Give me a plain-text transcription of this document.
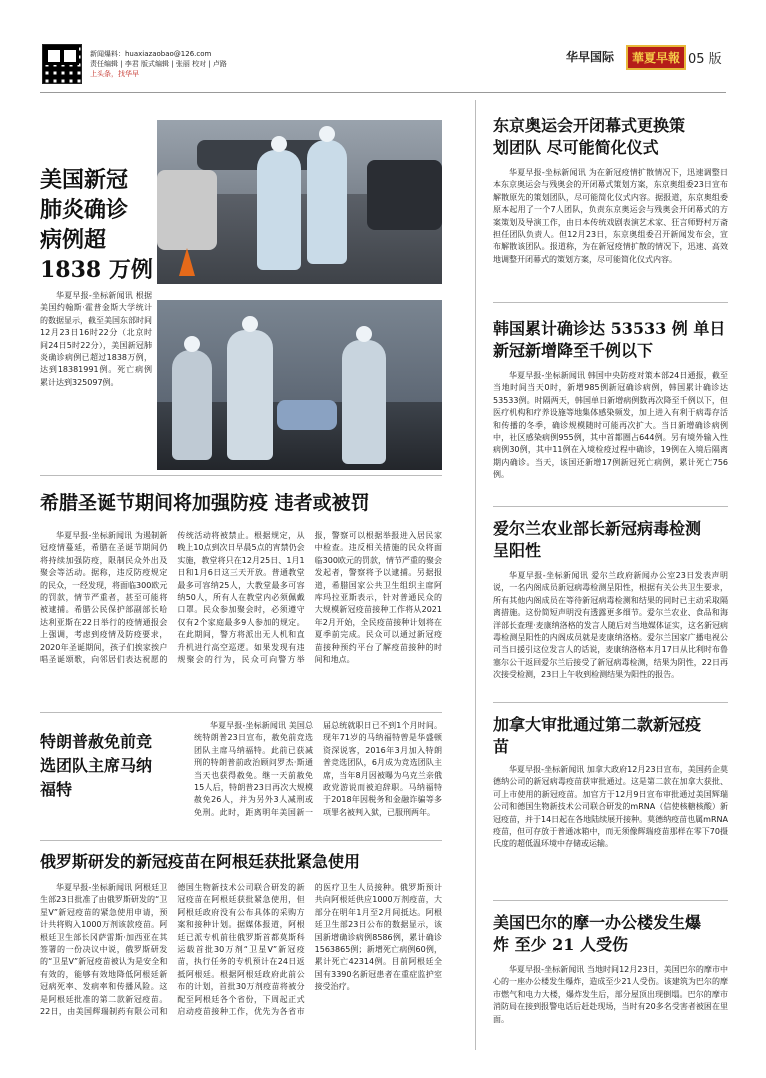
新闻爆料：huaxiazaobao@126.com
责任编辑 | 李君 版式编辑 | 张丽 校对 | 卢路
上头条，找华早
华早国际	華夏早報 05 版
美国新冠
肺炎确诊
病例超
1838 万例
华夏早报-坐标新闻讯 根据美国约翰斯·霍普金斯大学统计的数据显示，截至美国东部时间12月23日16时22分（北京时间24日5时22分），美国新冠肺炎确诊病例已超过1838万例，达到18381991例。死亡病例累计达到325097例。
希腊圣诞节期间将加强防疫 违者或被罚
华夏早报-坐标新闻讯 为遏制新冠疫情蔓延，希腊在圣诞节期间仍将持续加强防疫，限制民众外出及聚会等活动。据称，违反防疫规定的民众，一经发现，将面临300欧元的罚款，情节严重者，甚至可能将被逮捕。希腊公民保护部副部长哈达利亚斯在22日举行的疫情通报会上强调，考虑到疫情及防疫要求，2020年圣诞期间，孩子们挨家挨户唱圣诞颂歌，向邻居们表达祝愿的传统活动将被禁止。根据规定，从晚上10点到次日早晨5点的宵禁仍会实施，教堂将只在12月25日、1月1日和1月6日这三天开放。普通教堂最多可容纳25人，大教堂最多可容纳50人，所有人在教堂内必须佩戴口罩。民众参加聚会时，必须遵守仅有2个家庭最多9人参加的规定。在此期间，警方将派出无人机和直升机进行高空巡逻。如果发现有违规聚会的行为，民众可向警方举报，警察可以根据举报进入居民家中检查。违反相关措施的民众将面临300欧元的罚款，情节严重的聚会发起者，警察将予以逮捕。另据报道，希腊国家公共卫生组织主席阿库玛拉亚斯表示，针对普通民众的大规模新冠疫苗接种工作将从2021年2月开始，全民疫苗接种计划将在夏季前完成。民众可以通过新冠疫苗接种预约平台了解疫苗接种的时间和地点。
特朗普赦免前竞
选团队主席马纳
福特
华夏早报-坐标新闻讯 美国总统特朗普23日宣布，赦免前竞选团队主席马纳福特。此前已获减刑的特朗普前政治顾问罗杰·斯通当天也获得赦免。继一天前赦免15人后，特朗普23日再次大规模赦免26人，并为另外3人减刑或免刑。此时，距离明年美国新一届总统就职日已不到1个月时间。现年71岁的马纳福特曾是华盛顿资深说客，2016年3月加入特朗普竞选团队，6月成为竞选团队主席，当年8月因被曝为乌克兰亲俄政党游说而被迫辞职。马纳福特于2018年因税务和金融诈骗等多项罪名被判入狱，已服刑两年。
俄罗斯研发的新冠疫苗在阿根廷获批紧急使用
华夏早报-坐标新闻讯 阿根廷卫生部23日批准了由俄罗斯研发的“卫星V”新冠疫苗的紧急使用申请，预计共将购入1000万剂该款疫苗。阿根廷卫生部长冈萨雷斯·加西亚在其签署的一份决议中说，俄罗斯研发的“卫星V”新冠疫苗被认为是安全和有效的，能够有效地降低阿根廷新冠病死率、发病率和传播风险。这是阿根廷批准的第二款新冠疫苗。22日，由美国辉瑞制药有限公司和德国生物新技术公司联合研发的新冠疫苗在阿根廷获批紧急使用，但阿根廷政府没有公布具体的采购方案和接种计划。据媒体报道，阿根廷已派专机前往俄罗斯首都莫斯科运载首批30万剂“卫星V”新冠疫苗，执行任务的专机预计在24日返抵阿根廷。根据阿根廷政府此前公布的计划，首批30万剂疫苗将被分配至阿根廷各个省份，下周起正式启动疫苗接种工作，优先为各省市的医疗卫生人员接种。俄罗斯预计共向阿根廷供应1000万剂疫苗，大部分在明年1月至2月间抵达。阿根廷卫生部23日公布的数据显示，该国新增确诊病例8586例，累计确诊1563865例；新增死亡病例60例，累计死亡42314例。目前阿根廷全国有3390名新冠患者在重症监护室接受治疗。
东京奥运会开闭幕式更换策
划团队 尽可能简化仪式
华夏早报-坐标新闻讯 为在新冠疫情扩散情况下，迅速调整日本东京奥运会与残奥会的开闭幕式策划方案，东京奥组委23日宣布解散原先的策划团队，尽可能简化仪式内容。据报道，东京奥组委原本起用了一个7人团队，负责东京奥运会与残奥会开闭幕式的方案策划及导演工作，由日本传统戏剧表演艺术家、狂言师野村万斋担任团队负责人。但12月23日，东京奥组委召开新闻发布会，宣布解散该团队。报道称，为在新冠疫情扩散的情况下，迅速、高效地调整开闭幕式的策划方案，尽可能简化仪式内容。
韩国累计确诊达 53533 例 单日
新冠新增降至千例以下
华夏早报-坐标新闻讯 韩国中央防疫对策本部24日通报，截至当地时间当天0时，新增985例新冠确诊病例，韩国累计确诊达53533例。时隔两天，韩国单日新增病例数再次降至千例以下，但医疗机构和疗养设施等地集体感染频发，加上进入有利于病毒存活和传播的冬季，确诊规模随时可能再次扩大。当日新增确诊病例中，社区感染病例955例，其中首都圈占644例。另有境外输入性病例30例，其中11例在入境检疫过程中确诊，19例在入境后隔离期内确诊。当天，该国还新增17例新冠死亡病例，累计死亡756例。
爱尔兰农业部长新冠病毒检测
呈阳性
华夏早报-坐标新闻讯 爱尔兰政府新闻办公室23日发表声明说，一名内阁成员新冠病毒检测呈阳性，根据有关公共卫生要求，所有其他内阁成员在等待新冠病毒检测和结果的同时已主动采取隔离措施。这份简短声明没有透露更多细节。爱尔兰农业、食品和海洋部长查理·麦康纳洛格的发言人随后对当地媒体证实，这名新冠病毒检测呈阳性的内阁成员就是麦康纳洛格。爱尔兰国家广播电视公司当日援引这位发言人的话说，麦康纳洛格本月17日从比利时布鲁塞尔公干返回爱尔兰后接受了新冠病毒检测，结果为阴性，22日再次接受检测，23日上午收到检测结果为阳性的报告。
加拿大审批通过第二款新冠疫
苗
华夏早报-坐标新闻讯 加拿大政府12月23日宣布，美国药企莫德纳公司的新冠病毒疫苗获审批通过。这是第二款在加拿大获批、可上市使用的新冠疫苗。加官方于12月9日宣布审批通过美国辉瑞公司和德国生物新技术公司联合研发的mRNA（信使核糖核酸）新冠疫苗，并于14日起在各地陆续展开接种。莫德纳疫苗也属mRNA疫苗，但可存放于普通冰箱中，而无须像辉瑞疫苗那样在零下70摄氏度的超低温环境中存储或运输。
美国巴尔的摩一办公楼发生爆
炸 至少 21 人受伤
华夏早报-坐标新闻讯 当地时间12月23日，美国巴尔的摩市中心的一座办公楼发生爆炸，造成至少21人受伤。该建筑为巴尔的摩市燃气和电力大楼，爆炸发生后，部分屋顶出现倒塌。巴尔的摩市消防局在接到报警电话后赶赴现场，当时有20多名受害者被困在里面。
